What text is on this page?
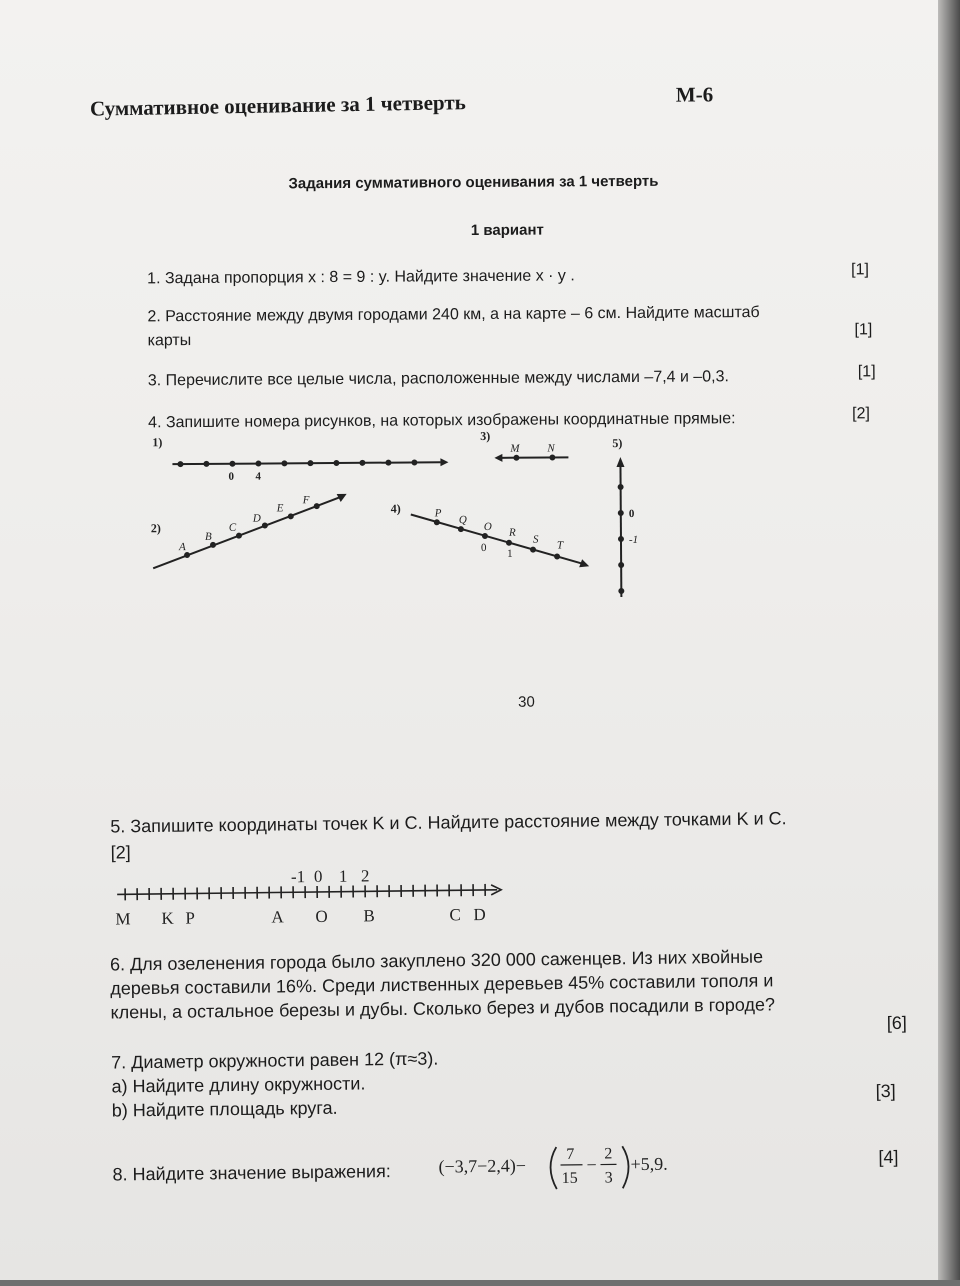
Суммативное оценивание за 1 четверть	М-6
Задания суммативного оценивания за 1 четверть
1 вариант
1. Задана пропорция x : 8 = 9 : y. Найдите значение x · y .	[1]
2. Расстояние между двумя городами 240 км, а на карте – 6 см. Найдите масштаб
карты
[1]
3. Перечислите все целые числа, расположенные между числами –7,4 и –0,3.	[1]
4. Запишите номера рисунков, на которых изображены координатные прямые:	[2]
1)
0 4
2)
A
B
C
D
E
F
3)
M	N
4)	P
Q
O R
S T
0 1
5)
0
-1
30
5. Запишите координаты точек K и C. Найдите расстояние между точками K и C.
[2]
-1 0 1 2
M K P	A O B	C D
6. Для озеленения города было закуплено 320 000 саженцев. Из них хвойные
деревья составили 16%. Среди лиственных деревьев 45% составили тополя и
клены, а остальное березы и дубы. Сколько берез и дубов посадили в городе?
[6]
7. Диаметр окружности равен 12 (π≈3).
a) Найдите длину окружности.
b) Найдите площадь круга.
[3]
8. Найдите значение выражения:	(−3,7−2,4)−
7
15
−
2
3
+5,9.	[4]
